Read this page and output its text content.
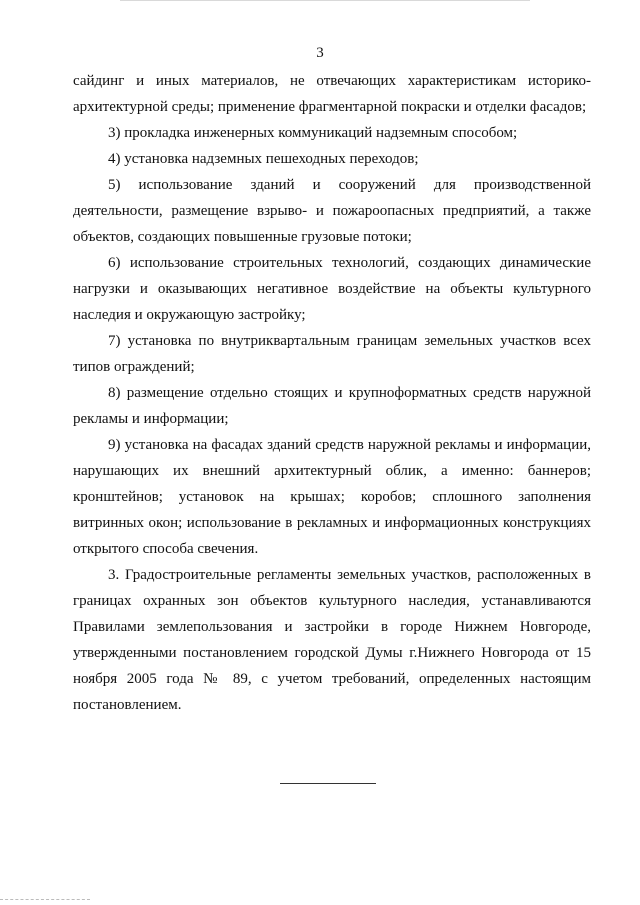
3

сайдинг и иных материалов, не отвечающих характеристикам историко-архитектурной среды; применение фрагментарной покраски и отделки фасадов;

3) прокладка инженерных коммуникаций надземным способом;

4) установка надземных пешеходных переходов;

5) использование зданий и сооружений для производственной деятельности, размещение взрыво- и пожароопасных предприятий, а также объектов, создающих повышенные грузовые потоки;

6) использование строительных технологий, создающих динамические нагрузки и оказывающих негативное воздействие на объекты культурного наследия и окружающую застройку;

7) установка по внутриквартальным границам земельных участков всех типов ограждений;

8) размещение отдельно стоящих и крупноформатных средств наружной рекламы и информации;

9) установка на фасадах зданий средств наружной рекламы и информации, нарушающих их внешний архитектурный облик, а именно: баннеров; кронштейнов; установок на крышах; коробов; сплошного заполнения витринных окон; использование в рекламных и информационных конструкциях открытого способа свечения.

3. Градостроительные регламенты земельных участков, расположенных в границах охранных зон объектов культурного наследия, устанавливаются Правилами землепользования и застройки в городе Нижнем Новгороде, утвержденными постановлением городской Думы г.Нижнего Новгорода от 15 ноября 2005 года № 89, с учетом требований, определенных настоящим постановлением.
